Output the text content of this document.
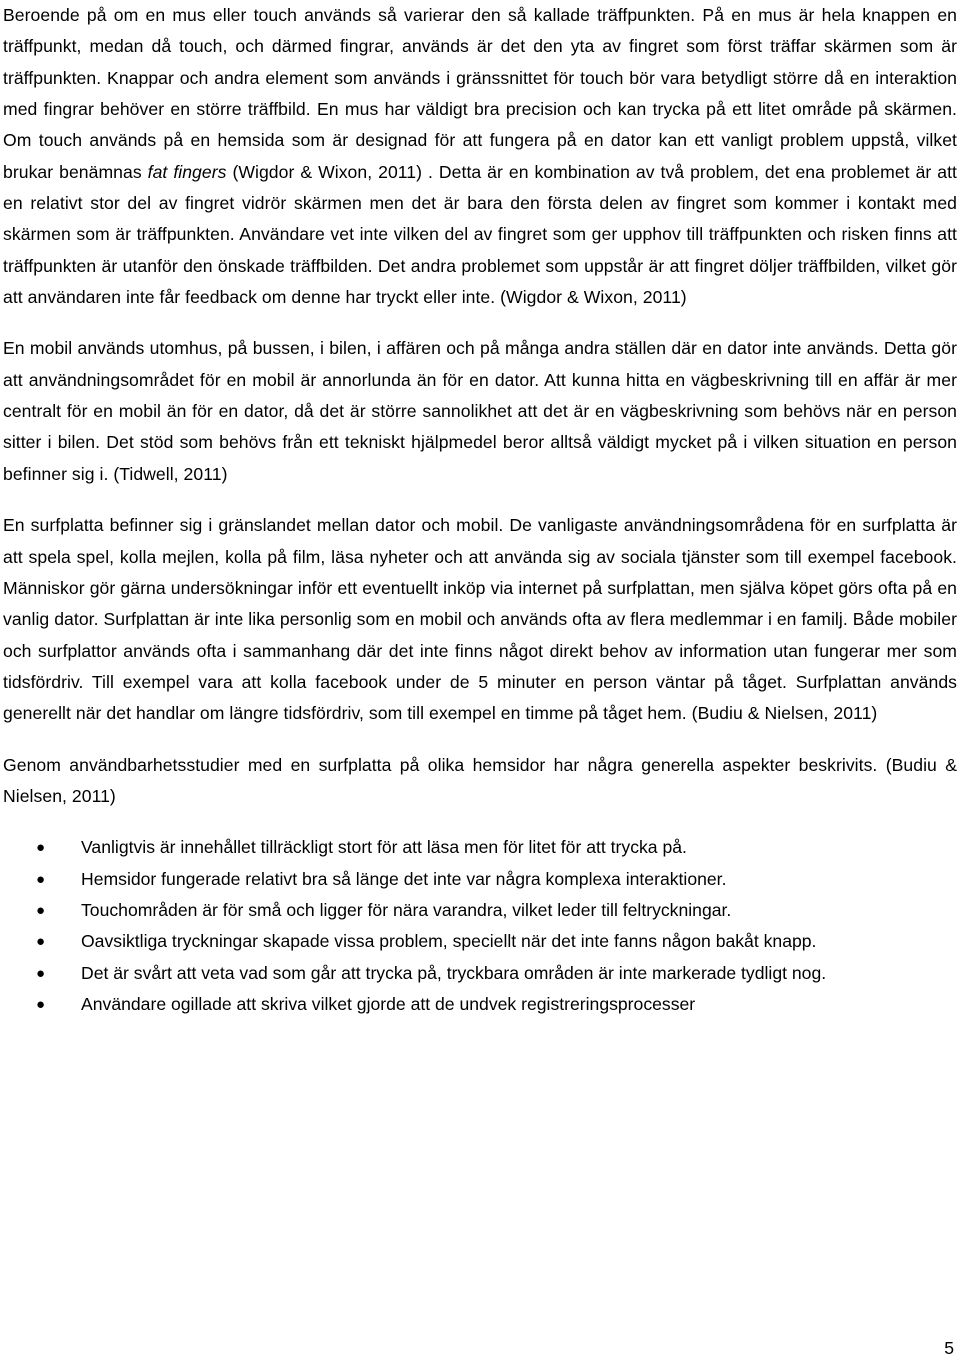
Beroende på om en mus eller touch används så varierar den så kallade träffpunkten. På en mus är hela knappen en träffpunkt, medan då touch, och därmed fingrar, används är det den yta av fingret som först träffar skärmen som är träffpunkten. Knappar och andra element som används i gränssnittet för touch bör vara betydligt större då en interaktion med fingrar behöver en större träffbild. En mus har väldigt bra precision och kan trycka på ett litet område på skärmen. Om touch används på en hemsida som är designad för att fungera på en dator kan ett vanligt problem uppstå, vilket brukar benämnas fat fingers (Wigdor & Wixon, 2011) . Detta är en kombination av två problem, det ena problemet är att en relativt stor del av fingret vidrör skärmen men det är bara den första delen av fingret som kommer i kontakt med skärmen som är träffpunkten. Användare vet inte vilken del av fingret som ger upphov till träffpunkten och risken finns att träffpunkten är utanför den önskade träffbilden. Det andra problemet som uppstår är att fingret döljer träffbilden, vilket gör att användaren inte får feedback om denne har tryckt eller inte. (Wigdor & Wixon, 2011)

En mobil används utomhus, på bussen, i bilen, i affären och på många andra ställen där en dator inte används. Detta gör att användningsområdet för en mobil är annorlunda än för en dator. Att kunna hitta en vägbeskrivning till en affär är mer centralt för en mobil än för en dator, då det är större sannolikhet att det är en vägbeskrivning som behövs när en person sitter i bilen. Det stöd som behövs från ett tekniskt hjälpmedel beror alltså väldigt mycket på i vilken situation en person befinner sig i. (Tidwell, 2011)

En surfplatta befinner sig i gränslandet mellan dator och mobil. De vanligaste användningsområdena för en surfplatta är att spela spel, kolla mejlen, kolla på film, läsa nyheter och att använda sig av sociala tjänster som till exempel facebook. Människor gör gärna undersökningar inför ett eventuellt inköp via internet på surfplattan, men själva köpet görs ofta på en vanlig dator. Surfplattan är inte lika personlig som en mobil och används ofta av flera medlemmar i en familj. Både mobiler och surfplattor används ofta i sammanhang där det inte finns något direkt behov av information utan fungerar mer som tidsfördriv. Till exempel vara att kolla facebook under de 5 minuter en person väntar på tåget. Surfplattan används generellt när det handlar om längre tidsfördriv, som till exempel en timme på tåget hem. (Budiu & Nielsen, 2011)

Genom användbarhetsstudier med en surfplatta på olika hemsidor har några generella aspekter beskrivits. (Budiu & Nielsen, 2011)

● Vanligtvis är innehållet tillräckligt stort för att läsa men för litet för att trycka på.
● Hemsidor fungerade relativt bra så länge det inte var några komplexa interaktioner.
● Touchområden är för små och ligger för nära varandra, vilket leder till feltryckningar.
● Oavsiktliga tryckningar skapade vissa problem, speciellt när det inte fanns någon bakåt knapp.
● Det är svårt att veta vad som går att trycka på, tryckbara områden är inte markerade tydligt nog.
● Användare ogillade att skriva vilket gjorde att de undvek registreringsprocesser
5
